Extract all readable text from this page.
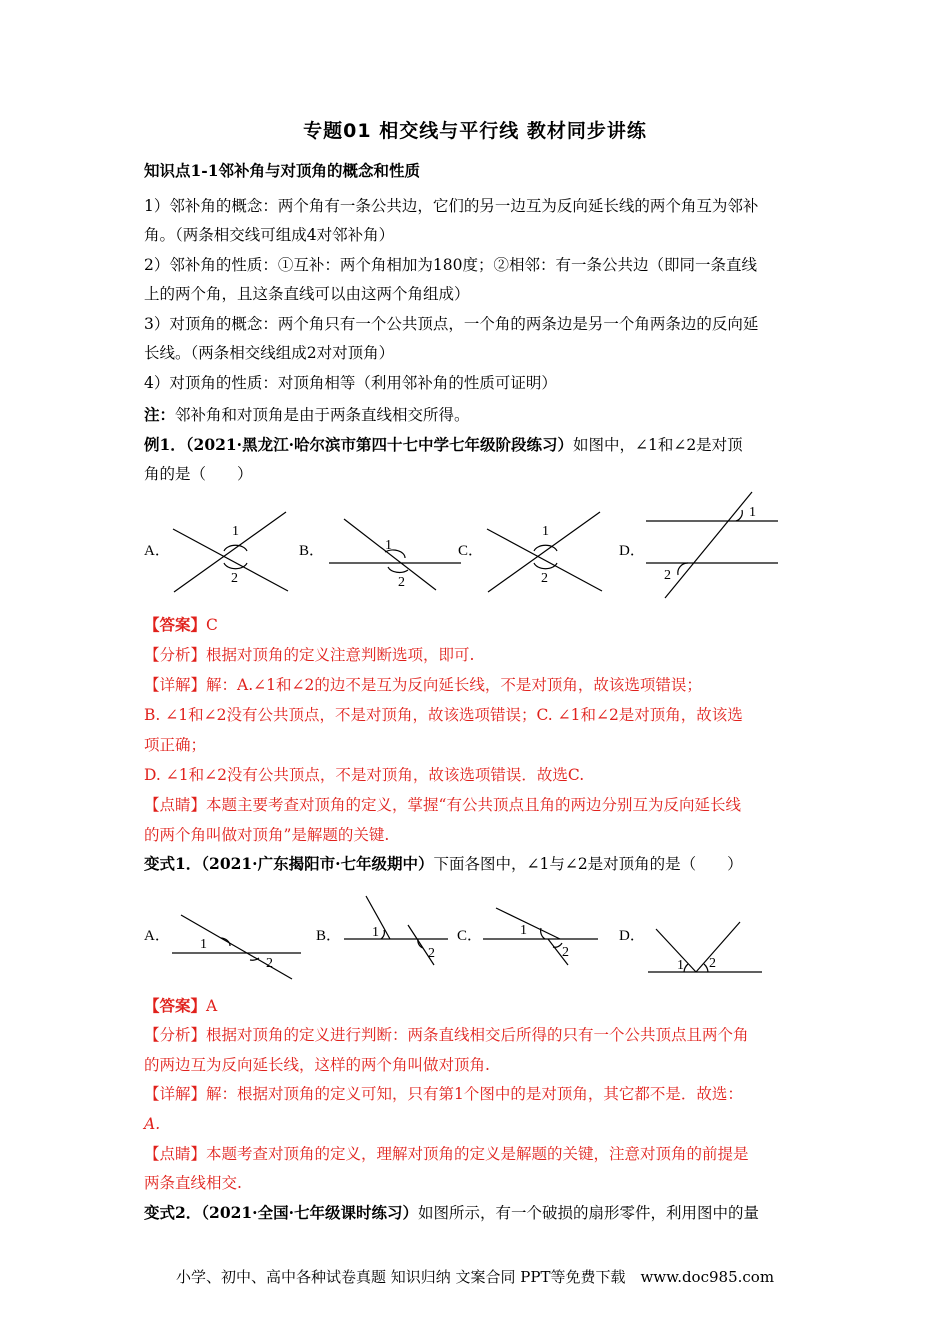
专题01 相交线与平行线 教材同步讲练
知识点1-1邻补角与对顶角的概念和性质
1）邻补角的概念：两个角有一条公共边，它们的另一边互为反向延长线的两个角互为邻补
角。（两条相交线可组成4对邻补角）
2）邻补角的性质：①互补：两个角相加为180度；②相邻：有一条公共边（即同一条直线
上的两个角，且这条直线可以由这两个角组成）
3）对顶角的概念：两个角只有一个公共顶点，一个角的两条边是另一个角两条边的反向延
长线。（两条相交线组成2对对顶角）
4）对顶角的性质：对顶角相等（利用邻补角的性质可证明）
注：邻补角和对顶角是由于两条直线相交所得。
例1．（2021·黑龙江·哈尔滨市第四十七中学七年级阶段练习）如图中，∠1和∠2是对顶
角的是（　　）
1
2
1
2
1
2
1
2
A．	B．	C．	D．
【答案】C
【分析】根据对顶角的定义注意判断选项，即可.
【详解】解：A.∠1和∠2的边不是互为反向延长线，不是对顶角，故该选项错误；
B. ∠1和∠2没有公共顶点，不是对顶角，故该选项错误；C. ∠1和∠2是对顶角，故该选
项正确；
D. ∠1和∠2没有公共顶点，不是对顶角，故该选项错误．故选C.
【点睛】本题主要考查对顶角的定义，掌握“有公共顶点且角的两边分别互为反向延长线
的两个角叫做对顶角”是解题的关键.
变式1．（2021·广东揭阳市·七年级期中）下面各图中，∠1与∠2是对顶角的是（　　）
1
2
1
2
1
2
1 2
A．	B．	C．	D．
【答案】A
【分析】根据对顶角的定义进行判断：两条直线相交后所得的只有一个公共顶点且两个角
的两边互为反向延长线，这样的两个角叫做对顶角.
【详解】解：根据对顶角的定义可知，只有第1个图中的是对顶角，其它都不是．故选：
A.
【点睛】本题考查对顶角的定义，理解对顶角的定义是解题的关键，注意对顶角的前提是
两条直线相交.
变式2．（2021·全国·七年级课时练习）如图所示，有一个破损的扇形零件，利用图中的量
小学、初中、高中各种试卷真题 知识归纳 文案合同 PPT等免费下载　www.doc985.com
